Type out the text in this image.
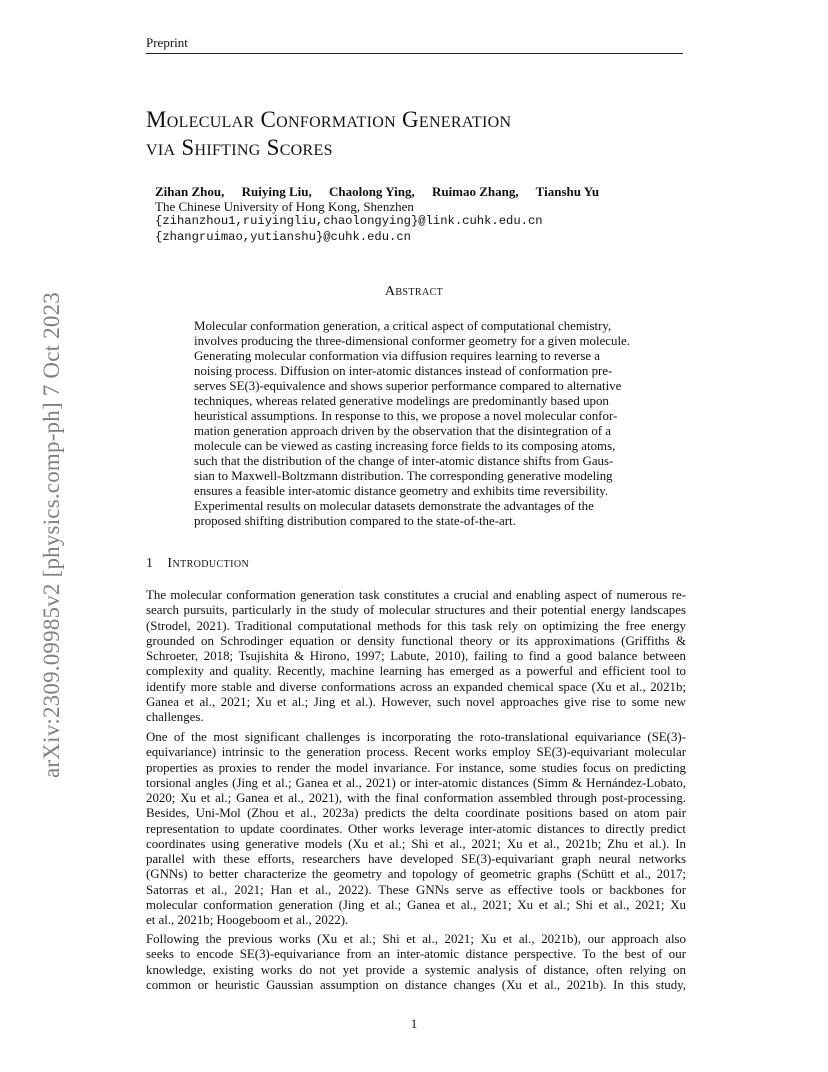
Preprint
arXiv:2309.09985v2 [physics.comp-ph] 7 Oct 2023
Molecular Conformation Generation
via Shifting Scores
Zihan Zhou, Ruiying Liu, Chaolong Ying, Ruimao Zhang, Tianshu Yu
The Chinese University of Hong Kong, Shenzhen
{zihanzhou1,ruiyingliu,chaolongying}@link.cuhk.edu.cn
{zhangruimao,yutianshu}@cuhk.edu.cn
Abstract
Molecular conformation generation, a critical aspect of computational chemistry,
involves producing the three-dimensional conformer geometry for a given molecule.
Generating molecular conformation via diffusion requires learning to reverse a
noising process. Diffusion on inter-atomic distances instead of conformation pre-
serves SE(3)-equivalence and shows superior performance compared to alternative
techniques, whereas related generative modelings are predominantly based upon
heuristical assumptions. In response to this, we propose a novel molecular confor-
mation generation approach driven by the observation that the disintegration of a
molecule can be viewed as casting increasing force fields to its composing atoms,
such that the distribution of the change of inter-atomic distance shifts from Gaus-
sian to Maxwell-Boltzmann distribution. The corresponding generative modeling
ensures a feasible inter-atomic distance geometry and exhibits time reversibility.
Experimental results on molecular datasets demonstrate the advantages of the
proposed shifting distribution compared to the state-of-the-art.
1 Introduction
The molecular conformation generation task constitutes a crucial and enabling aspect of numerous re-
search pursuits, particularly in the study of molecular structures and their potential energy landscapes
(Strodel, 2021). Traditional computational methods for this task rely on optimizing the free energy
grounded on Schrodinger equation or density functional theory or its approximations (Griffiths &
Schroeter, 2018; Tsujishita & Hirono, 1997; Labute, 2010), failing to find a good balance between
complexity and quality. Recently, machine learning has emerged as a powerful and efficient tool to
identify more stable and diverse conformations across an expanded chemical space (Xu et al., 2021b;
Ganea et al., 2021; Xu et al.; Jing et al.). However, such novel approaches give rise to some new
challenges.
One of the most significant challenges is incorporating the roto-translational equivariance (SE(3)-
equivariance) intrinsic to the generation process. Recent works employ SE(3)-equivariant molecular
properties as proxies to render the model invariance. For instance, some studies focus on predicting
torsional angles (Jing et al.; Ganea et al., 2021) or inter-atomic distances (Simm & Hernández-Lobato,
2020; Xu et al.; Ganea et al., 2021), with the final conformation assembled through post-processing.
Besides, Uni-Mol (Zhou et al., 2023a) predicts the delta coordinate positions based on atom pair
representation to update coordinates. Other works leverage inter-atomic distances to directly predict
coordinates using generative models (Xu et al.; Shi et al., 2021; Xu et al., 2021b; Zhu et al.). In
parallel with these efforts, researchers have developed SE(3)-equivariant graph neural networks
(GNNs) to better characterize the geometry and topology of geometric graphs (Schütt et al., 2017;
Satorras et al., 2021; Han et al., 2022). These GNNs serve as effective tools or backbones for
molecular conformation generation (Jing et al.; Ganea et al., 2021; Xu et al.; Shi et al., 2021; Xu
et al., 2021b; Hoogeboom et al., 2022).
Following the previous works (Xu et al.; Shi et al., 2021; Xu et al., 2021b), our approach also
seeks to encode SE(3)-equivariance from an inter-atomic distance perspective. To the best of our
knowledge, existing works do not yet provide a systemic analysis of distance, often relying on
common or heuristic Gaussian assumption on distance changes (Xu et al., 2021b). In this study,
1
